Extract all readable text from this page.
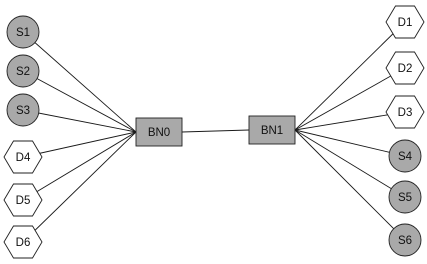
BN0	BN1
S1
S2
S3
D4
D5
D6
D1
D2
D3
S4
S5
S6
